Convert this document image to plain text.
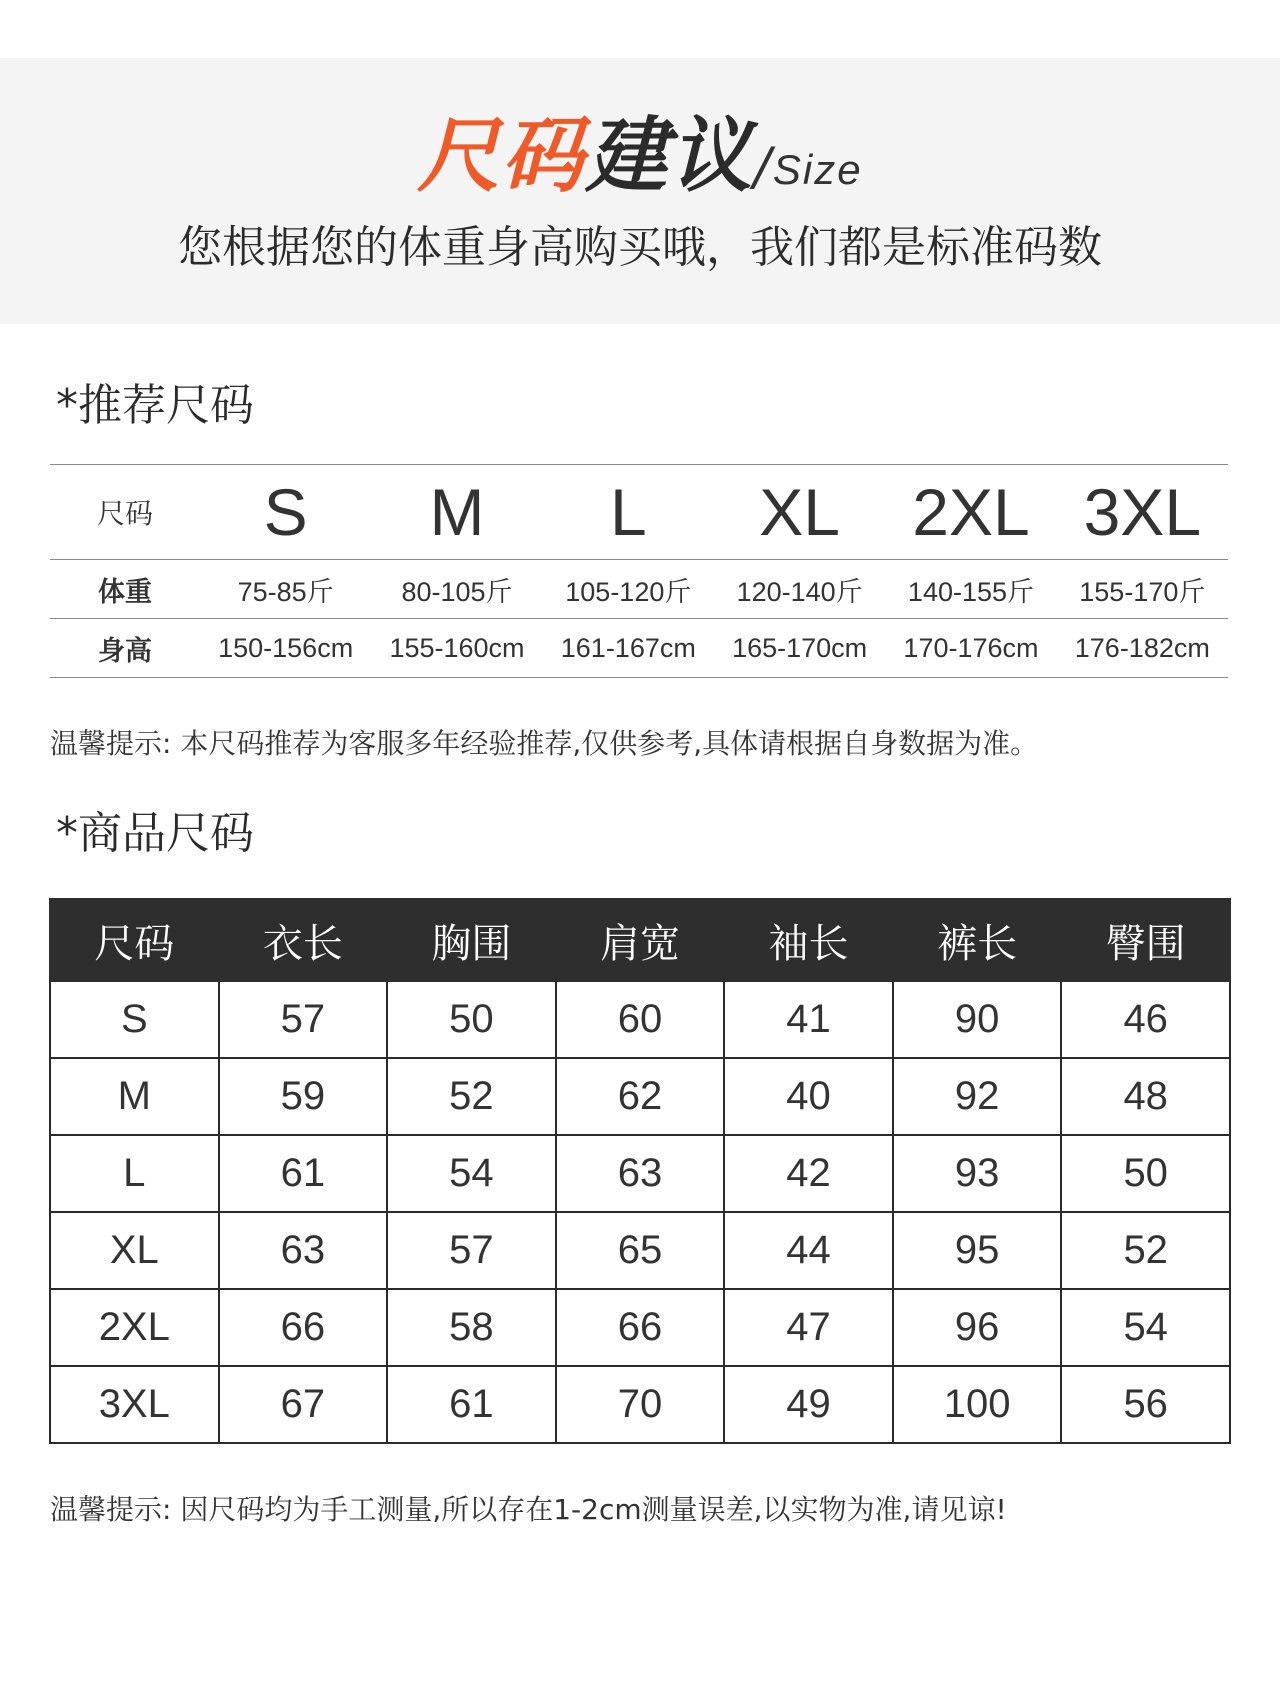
尺码建议/Size
您根据您的体重身高购买哦，我们都是标准码数
*推荐尺码
尺码	S	M	L	XL	2XL	3XL
体重	75-85斤	80-105斤	105-120斤	120-140斤	140-155斤	155-170斤
身高	150-156cm	155-160cm	161-167cm	165-170cm	170-176cm	176-182cm
温馨提示: 本尺码推荐为客服多年经验推荐,仅供参考,具体请根据自身数据为准。
*商品尺码
尺码	衣长	胸围	肩宽	袖长	裤长	臀围
S	57	50	60	41	90	46
M	59	52	62	40	92	48
L	61	54	63	42	93	50
XL	63	57	65	44	95	52
2XL	66	58	66	47	96	54
3XL	67	61	70	49	100	56
温馨提示: 因尺码均为手工测量,所以存在1-2cm测量误差,以实物为准,请见谅!
